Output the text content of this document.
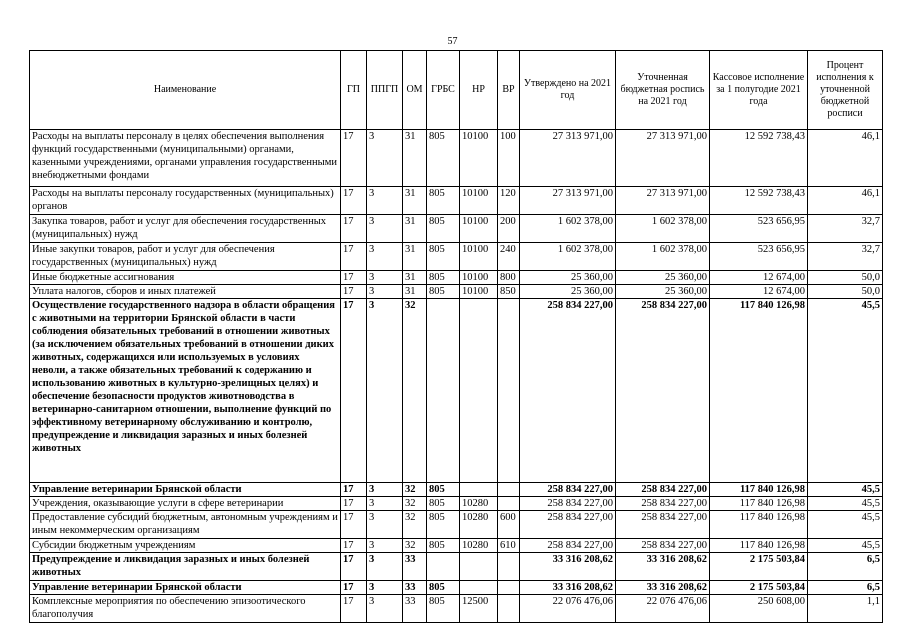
57
Наименование	ГП	ППГП	ОМ	ГРБС	НР	ВР	Утверждено на 2021 год	Уточненная бюджетная роспись на 2021 год	Кассовое исполнение за 1 полугодие 2021 года	Процент исполнения к уточненной бюджетной росписи
Расходы на выплаты персоналу в целях обеспечения выполнения функций государственными (муниципальными) органами, казенными учреждениями, органами управления государственными внебюджетными фондами	17	3	31	805	10100	100	27 313 971,00	27 313 971,00	12 592 738,43	46,1
Расходы на выплаты персоналу государственных (муниципальных) органов	17	3	31	805	10100	120	27 313 971,00	27 313 971,00	12 592 738,43	46,1
Закупка товаров, работ и услуг для обеспечения государственных (муниципальных) нужд	17	3	31	805	10100	200	1 602 378,00	1 602 378,00	523 656,95	32,7
Иные закупки товаров, работ и услуг для обеспечения государственных (муниципальных) нужд	17	3	31	805	10100	240	1 602 378,00	1 602 378,00	523 656,95	32,7
Иные бюджетные ассигнования	17	3	31	805	10100	800	25 360,00	25 360,00	12 674,00	50,0
Уплата налогов, сборов и иных платежей	17	3	31	805	10100	850	25 360,00	25 360,00	12 674,00	50,0
Осуществление государственного надзора в области обращения с животными на территории Брянской области в части соблюдения обязательных требований в отношении животных (за исключением обязательных требований в отношении диких животных, содержащихся или используемых в условиях неволи, а также обязательных требований к содержанию и использованию животных в культурно-зрелищных целях) и обеспечение безопасности продуктов животноводства в ветеринарно-санитарном отношении, выполнение функций по эффективному ветеринарному обслуживанию и контролю, предупреждение и ликвидация заразных и иных болезней животных	17	3	32				258 834 227,00	258 834 227,00	117 840 126,98	45,5
Управление ветеринарии Брянской области	17	3	32	805			258 834 227,00	258 834 227,00	117 840 126,98	45,5
Учреждения, оказывающие услуги в сфере ветеринарии	17	3	32	805	10280		258 834 227,00	258 834 227,00	117 840 126,98	45,5
Предоставление субсидий бюджетным, автономным учреждениям и иным некоммерческим организациям	17	3	32	805	10280	600	258 834 227,00	258 834 227,00	117 840 126,98	45,5
Субсидии бюджетным учреждениям	17	3	32	805	10280	610	258 834 227,00	258 834 227,00	117 840 126,98	45,5
Предупреждение и ликвидация заразных и иных болезней животных	17	3	33				33 316 208,62	33 316 208,62	2 175 503,84	6,5
Управление ветеринарии Брянской области	17	3	33	805			33 316 208,62	33 316 208,62	2 175 503,84	6,5
Комплексные мероприятия по обеспечению эпизоотического благополучия	17	3	33	805	12500		22 076 476,06	22 076 476,06	250 608,00	1,1
